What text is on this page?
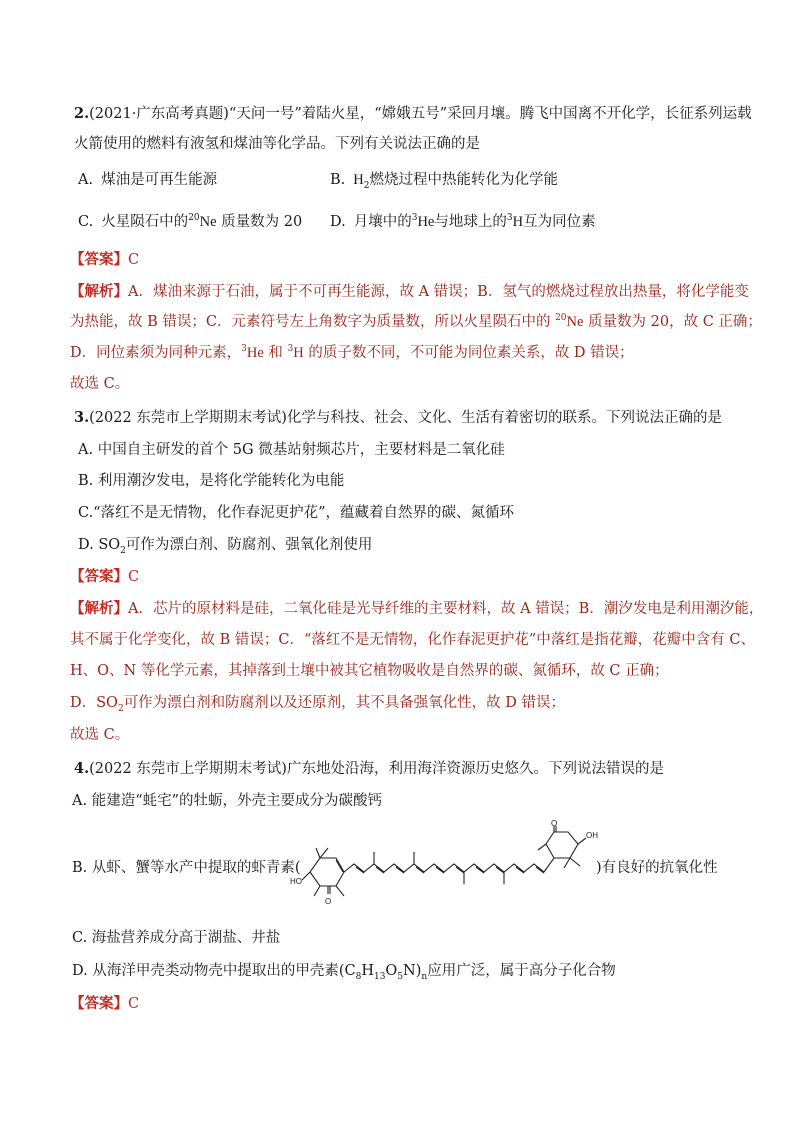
2.(2021·广东高考真题)“天问一号”着陆火星，“嫦娥五号”采回月壤。腾飞中国离不开化学，长征系列运载
火箭使用的燃料有液氢和煤油等化学品。下列有关说法正确的是
A. 煤油是可再生能源	B. $H_2$燃烧过程中热能转化为化学能
C. 火星陨石中的$^{20}$Ne 质量数为 20 D. 月壤中的$^3$He与地球上的$^3$H互为同位素
【答案】C
【解析】A．煤油来源于石油，属于不可再生能源，故 A 错误；B．氢气的燃烧过程放出热量，将化学能变
为热能，故 B 错误；C．元素符号左上角数字为质量数，所以火星陨石中的 $^{20}$Ne 质量数为 20，故 C 正确；
D．同位素须为同种元素，$^3$He 和 $^3$H 的质子数不同，不可能为同位素关系，故 D 错误；
故选 C。
3.(2022 东莞市上学期期末考试)化学与科技、社会、文化、生活有着密切的联系。下列说法正确的是
A. 中国自主研发的首个 5G 微基站射频芯片，主要材料是二氧化硅
B. 利用潮汐发电，是将化学能转化为电能
C.“落红不是无情物，化作春泥更护花”，蕴藏着自然界的碳、氮循环
D. $SO_2$可作为漂白剂、防腐剂、强氧化剂使用
【答案】C
【解析】A．芯片的原材料是硅，二氧化硅是光导纤维的主要材料，故 A 错误；B．潮汐发电是利用潮汐能，
其不属于化学变化，故 B 错误；C．“落红不是无情物，化作春泥更护花”中落红是指花瓣，花瓣中含有 C、
H、O、N 等化学元素，其掉落到土壤中被其它植物吸收是自然界的碳、氮循环，故 C 正确；
D．$SO_2$可作为漂白剂和防腐剂以及还原剂，其不具备强氧化性，故 D 错误；
故选 C。
4.(2022 东莞市上学期期末考试)广东地处沿海，利用海洋资源历史悠久。下列说法错误的是
A. 能建造“蚝宅”的牡蛎，外壳主要成分为碳酸钙
B. 从虾、蟹等水产中提取的虾青素(
HO
O
OH
O
)有良好的抗氧化性
C. 海盐营养成分高于湖盐、井盐
D. 从海洋甲壳类动物壳中提取出的甲壳素$(C_8H_{13}O_5N)_n$应用广泛，属于高分子化合物
【答案】C
